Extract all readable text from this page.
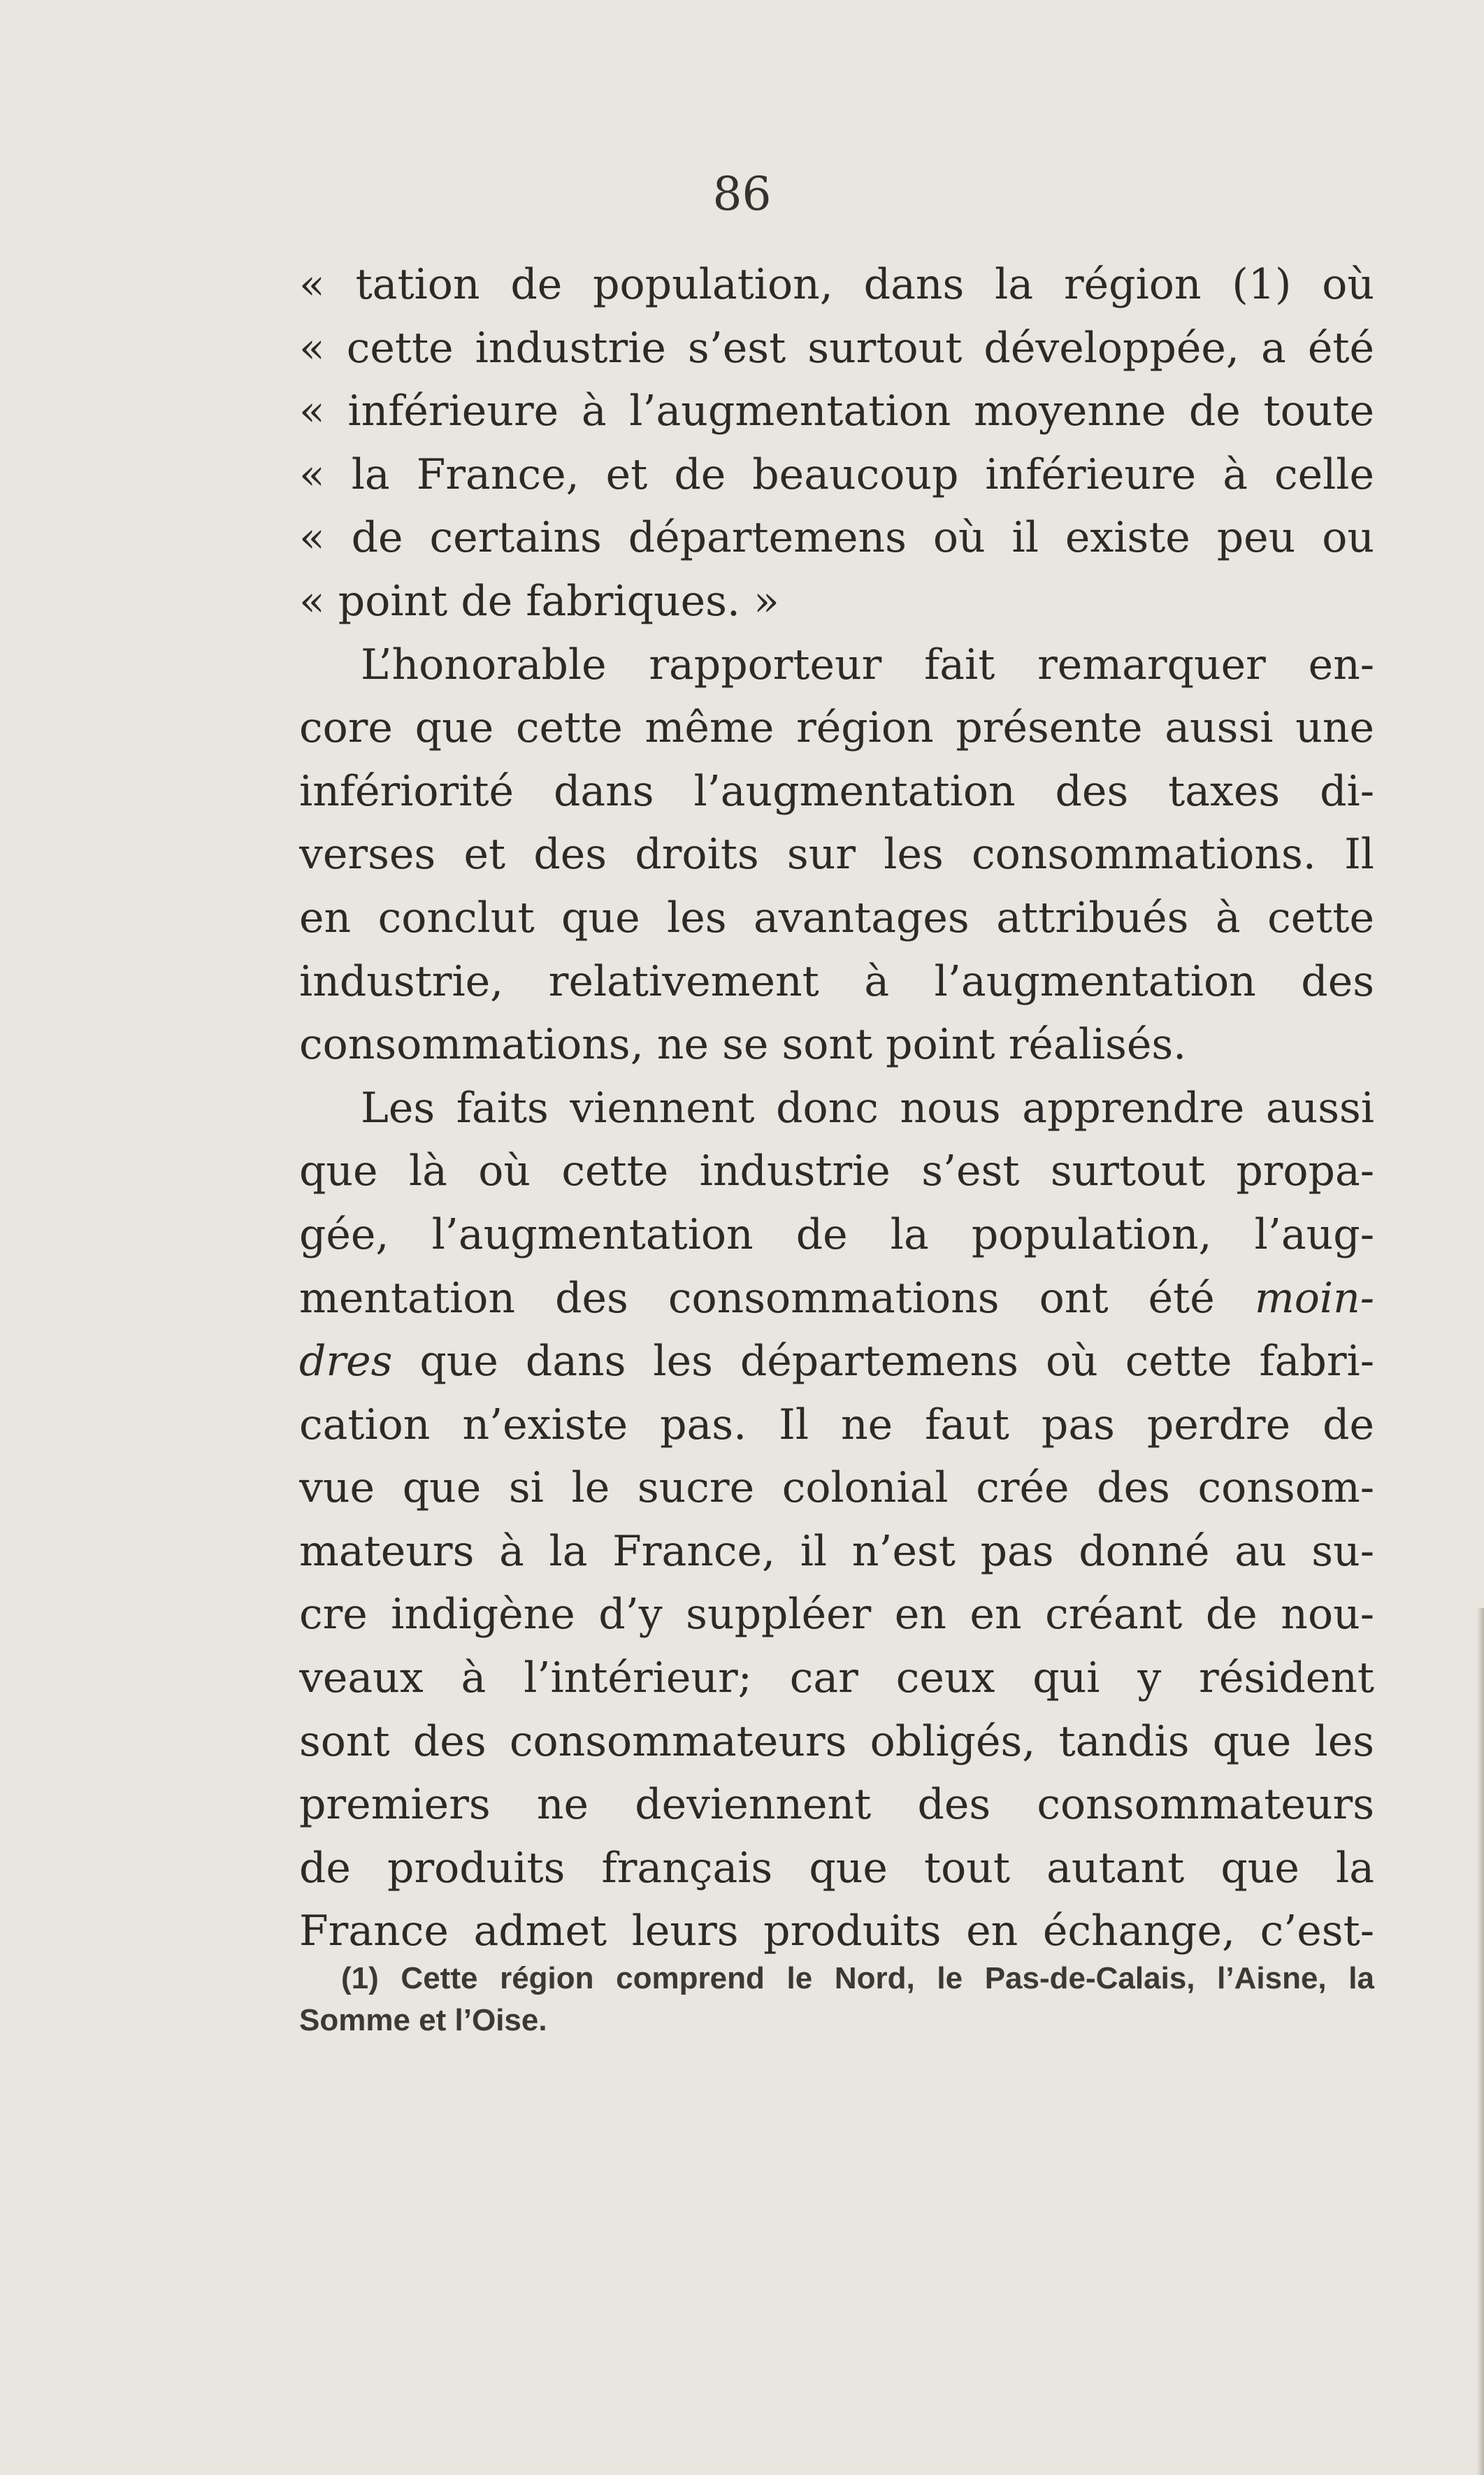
86
« tation de population, dans la région (1) où
« cette industrie s’est surtout développée, a été
« inférieure à l’augmentation moyenne de toute
« la France, et de beaucoup inférieure à celle
« de certains départemens où il existe peu ou
« point de fabriques. »
L’honorable rapporteur fait remarquer en-
core que cette même région présente aussi une
infériorité dans l’augmentation des taxes di-
verses et des droits sur les consommations. Il
en conclut que les avantages attribués à cette
industrie, relativement à l’augmentation des
consommations, ne se sont point réalisés.
Les faits viennent donc nous apprendre aussi
que là où cette industrie s’est surtout propa-
gée, l’augmentation de la population, l’aug-
mentation des consommations ont été moin-
dres que dans les départemens où cette fabri-
cation n’existe pas. Il ne faut pas perdre de
vue que si le sucre colonial crée des consom-
mateurs à la France, il n’est pas donné au su-
cre indigène d’y suppléer en en créant de nou-
veaux à l’intérieur; car ceux qui y résident
sont des consommateurs obligés, tandis que les
premiers ne deviennent des consommateurs
de produits français que tout autant que la
France admet leurs produits en échange, c’est-
(1) Cette région comprend le Nord, le Pas-de-Calais, l’Aisne, la
Somme et l’Oise.
